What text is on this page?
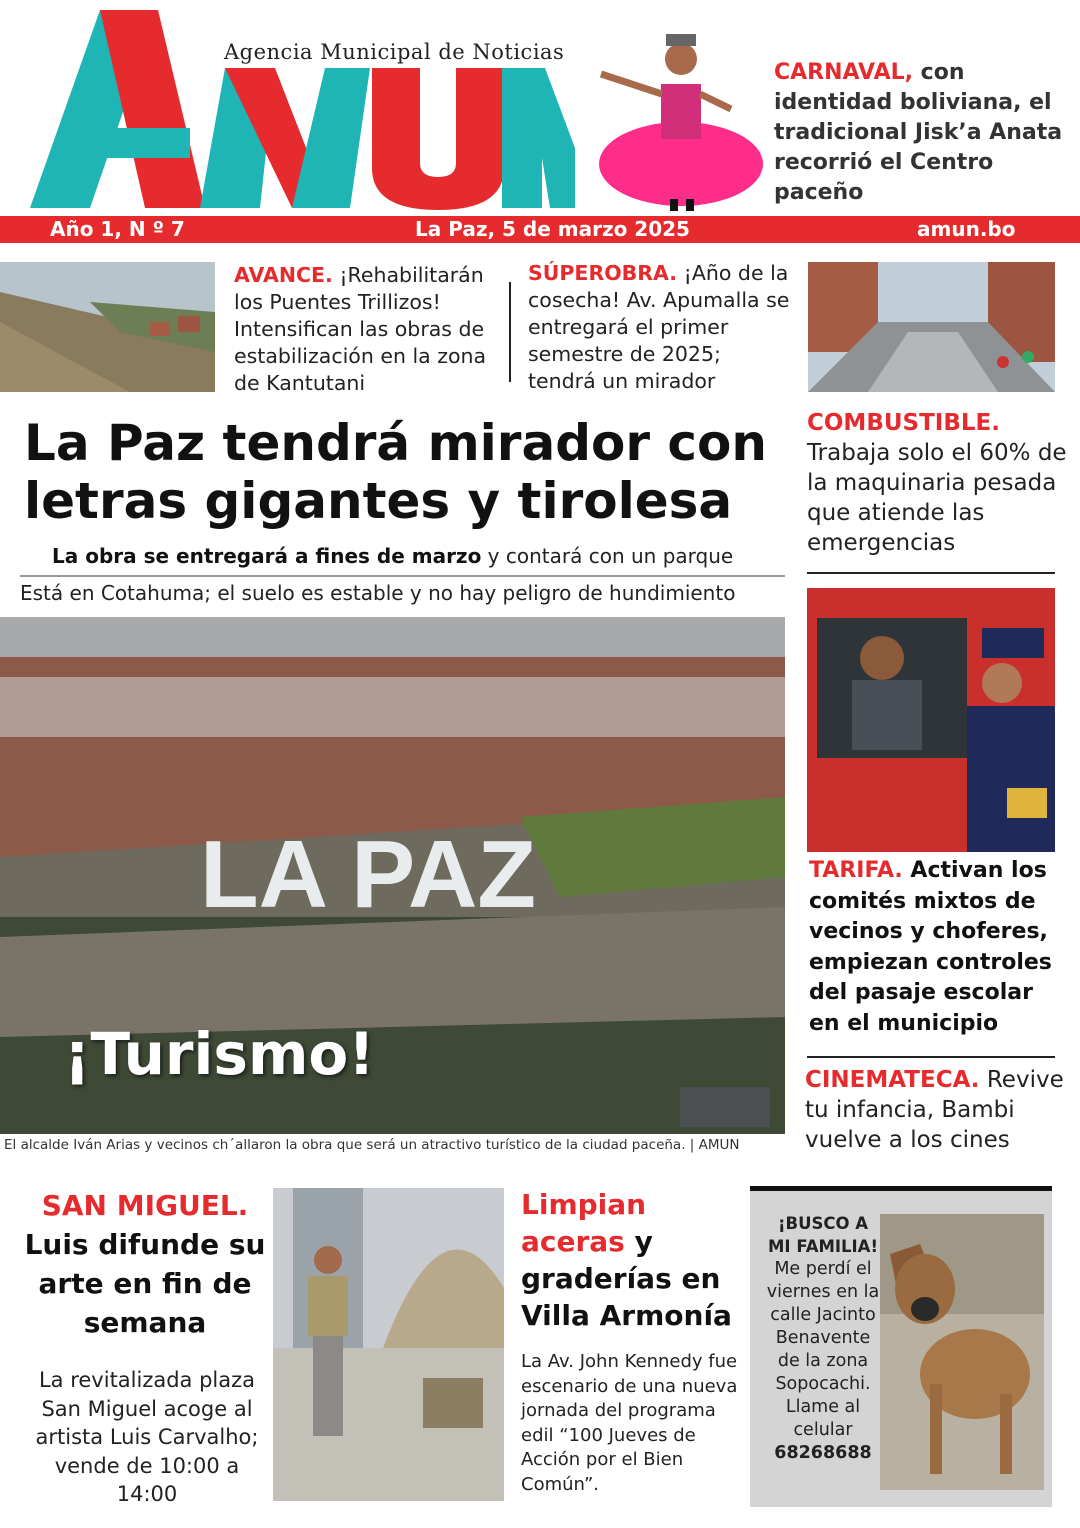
Agencia Municipal de Noticias
CARNAVAL, con identidad boliviana, el tradicional Jisk’a Anata recorrió el Centro paceño
Año 1, N º 7	La Paz, 5 de marzo 2025	amun.bo
AVANCE. ¡Rehabilitarán los Puentes Trillizos! Intensifican las obras de estabilización en la zona de Kantutani
SÚPEROBRA. ¡Año de la cosecha! Av. Apumalla se entregará el primer semestre de 2025; tendrá un mirador
La Paz tendrá mirador con letras gigantes y tirolesa
La obra se entregará a fines de marzo y contará con un parque
Está en Cotahuma; el suelo es estable y no hay peligro de hundimiento
LA PAZ
¡Turismo!
El alcalde Iván Arias y vecinos ch´allaron la obra que será un atractivo turístico de la ciudad paceña. | AMUN
COMBUSTIBLE.
Trabaja solo el 60% de la maquinaria pesada que atiende las emergencias
TARIFA. Activan los comités mixtos de vecinos y choferes, empiezan controles del pasaje escolar en el municipio
CINEMATECA. Revive tu infancia, Bambi vuelve a los cines
SAN MIGUEL.
Luis difunde su arte en fin de semana
La revitalizada plaza San Miguel acoge al artista Luis Carvalho; vende de 10:00 a 14:00
Limpian aceras y graderías en Villa Armonía
La Av. John Kennedy fue escenario de una nueva jornada del programa edil “100 Jueves de Acción por el Bien Común”.
¡BUSCO A MI FAMILIA!
Me perdí el viernes en la calle Jacinto Benavente de la zona Sopocachi. Llame al celular
68268688
